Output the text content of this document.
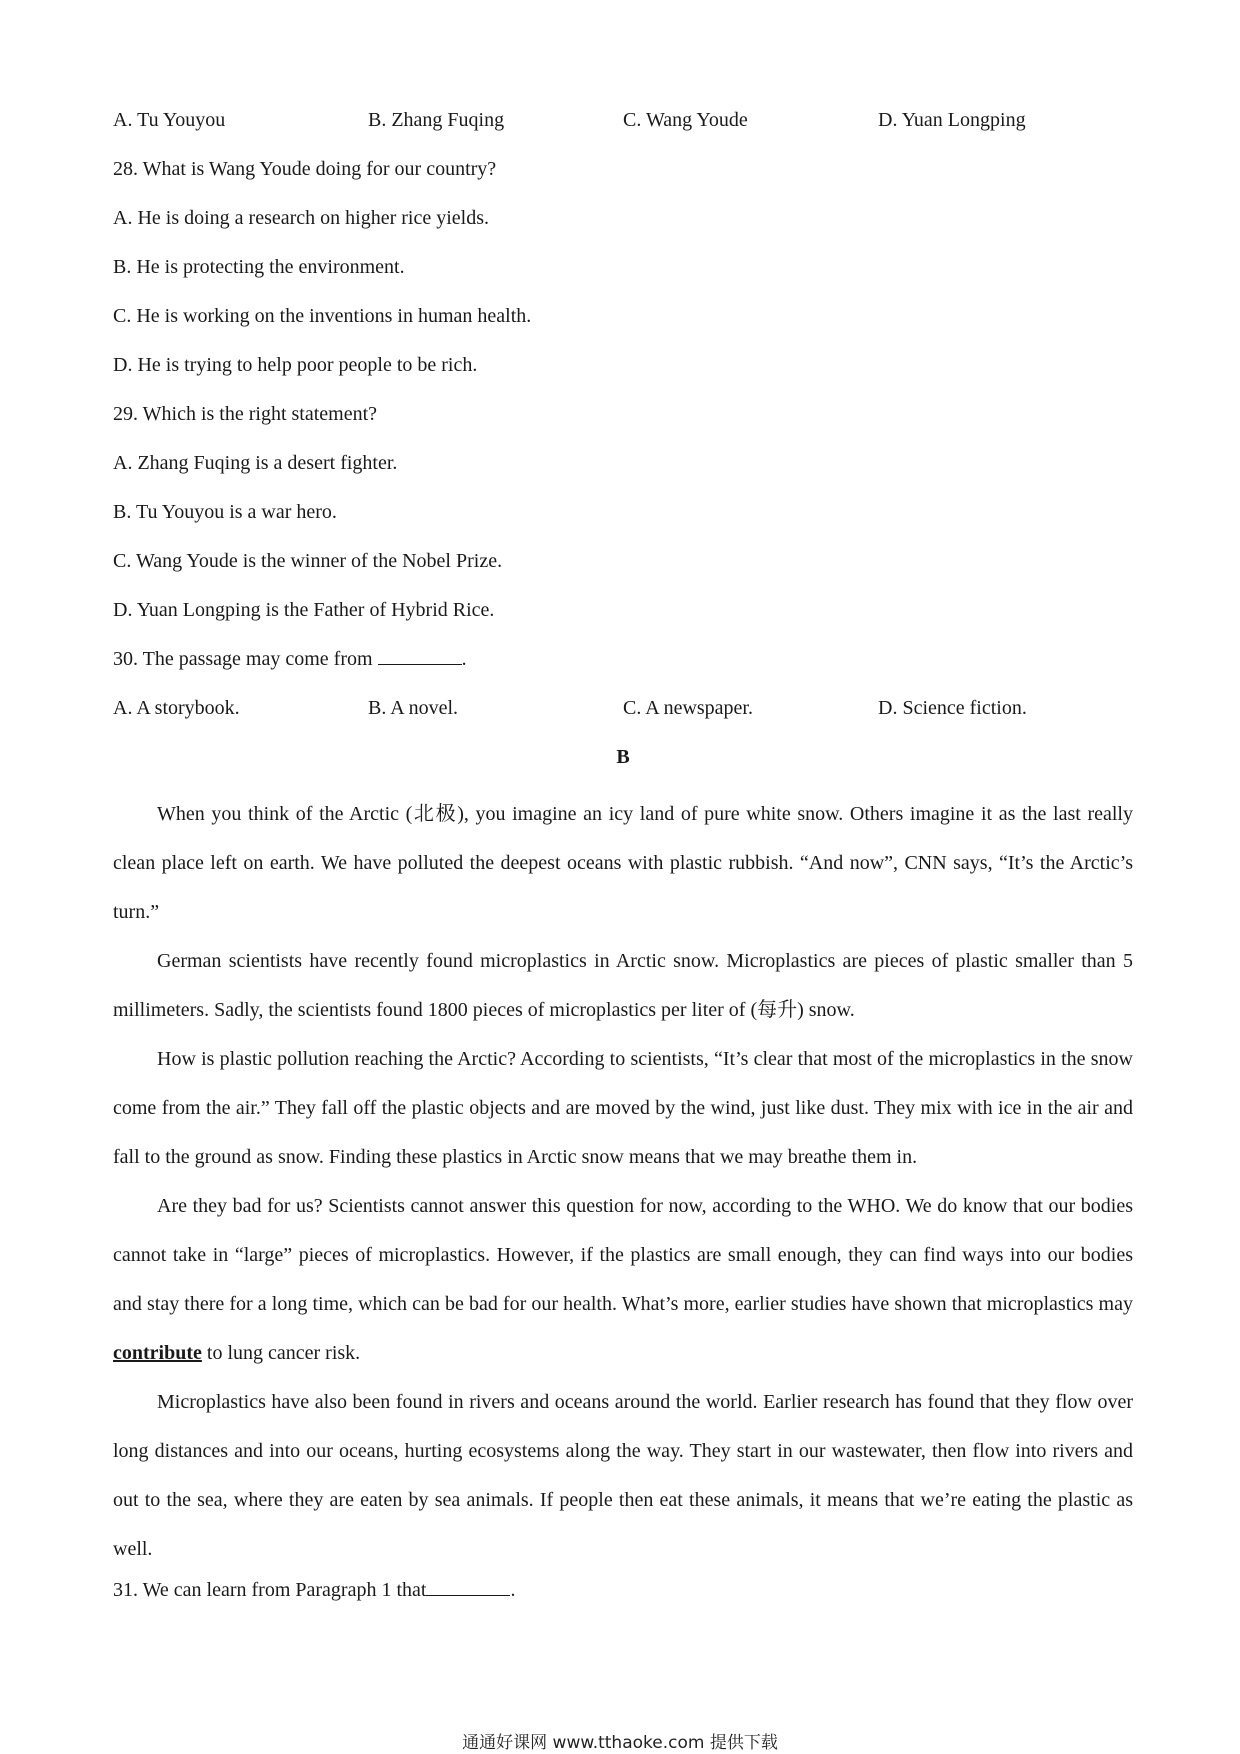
A. Tu Youyou	B. Zhang Fuqing	C. Wang Youde	D. Yuan Longping
28. What is Wang Youde doing for our country?
A. He is doing a research on higher rice yields.
B. He is protecting the environment.
C. He is working on the inventions in human health.
D. He is trying to help poor people to be rich.
29. Which is the right statement?
A. Zhang Fuqing is a desert fighter.
B. Tu Youyou is a war hero.
C. Wang Youde is the winner of the Nobel Prize.
D. Yuan Longping is the Father of Hybrid Rice.
30. The passage may come from	.
A. A storybook.	B. A novel.	C. A newspaper.	D. Science fiction.
B

When you think of the Arctic (北极), you imagine an icy land of pure white snow. Others imagine it as the last really clean place left on earth. We have polluted the deepest oceans with plastic rubbish. “And now”, CNN says, “It’s the Arctic’s turn.”

German scientists have recently found microplastics in Arctic snow. Microplastics are pieces of plastic smaller than 5 millimeters. Sadly, the scientists found 1800 pieces of microplastics per liter of (每升) snow.

How is plastic pollution reaching the Arctic? According to scientists, “It’s clear that most of the microplastics in the snow come from the air.” They fall off the plastic objects and are moved by the wind, just like dust. They mix with ice in the air and fall to the ground as snow. Finding these plastics in Arctic snow means that we may breathe them in.

Are they bad for us? Scientists cannot answer this question for now, according to the WHO. We do know that our bodies cannot take in “large” pieces of microplastics. However, if the plastics are small enough, they can find ways into our bodies and stay there for a long time, which can be bad for our health. What’s more, earlier studies have shown that microplastics may contribute to lung cancer risk.

Microplastics have also been found in rivers and oceans around the world. Earlier research has found that they flow over long distances and into our oceans, hurting ecosystems along the way. They start in our wastewater, then flow into rivers and out to the sea, where they are eaten by sea animals. If people then eat these animals, it means that we’re eating the plastic as well.

31. We can learn from Paragraph 1 that	.
通通好课网 www.tthaoke.com 提供下载
